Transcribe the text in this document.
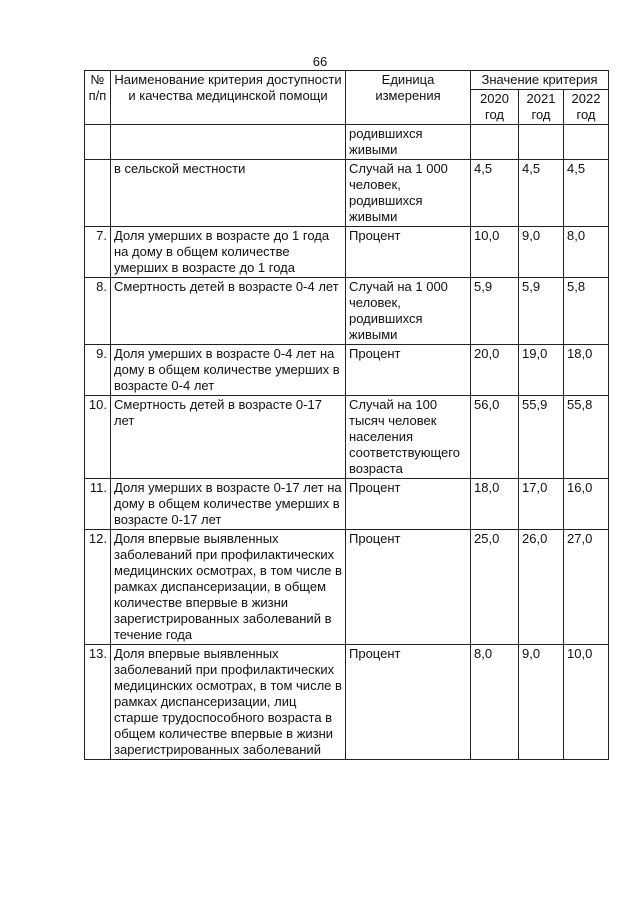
66
№ п/п	Наименование критерия доступности и качества медицинской помощи	Единица измерения	Значение критерия		
			2020 год	2021 год	2022 год
		родившихся живыми			
	в сельской местности	Случай на 1 000 человек, родившихся живыми	4,5	4,5	4,5
7.	Доля умерших в возрасте до 1 года на дому в общем количестве умерших в возрасте до 1 года	Процент	10,0	9,0	8,0
8.	Смертность детей в возрасте 0-4 лет	Случай на 1 000 человек, родившихся живыми	5,9	5,9	5,8
9.	Доля умерших в возрасте 0-4 лет на дому в общем количестве умерших в возрасте 0-4 лет	Процент	20,0	19,0	18,0
10.	Смертность детей в возрасте 0-17 лет	Случай на 100 тысяч человек населения соответствующего возраста	56,0	55,9	55,8
11.	Доля умерших в возрасте 0-17 лет на дому в общем количестве умерших в возрасте 0-17 лет	Процент	18,0	17,0	16,0
12.	Доля впервые выявленных заболеваний при профилактических медицинских осмотрах, в том числе в рамках диспансеризации, в общем количестве впервые в жизни зарегистрированных заболеваний в течение года	Процент	25,0	26,0	27,0
13.	Доля впервые выявленных заболеваний при профилактических медицинских осмотрах, в том числе в рамках диспансеризации, лиц старше трудоспособного возраста в общем количестве впервые в жизни зарегистрированных заболеваний	Процент	8,0	9,0	10,0
